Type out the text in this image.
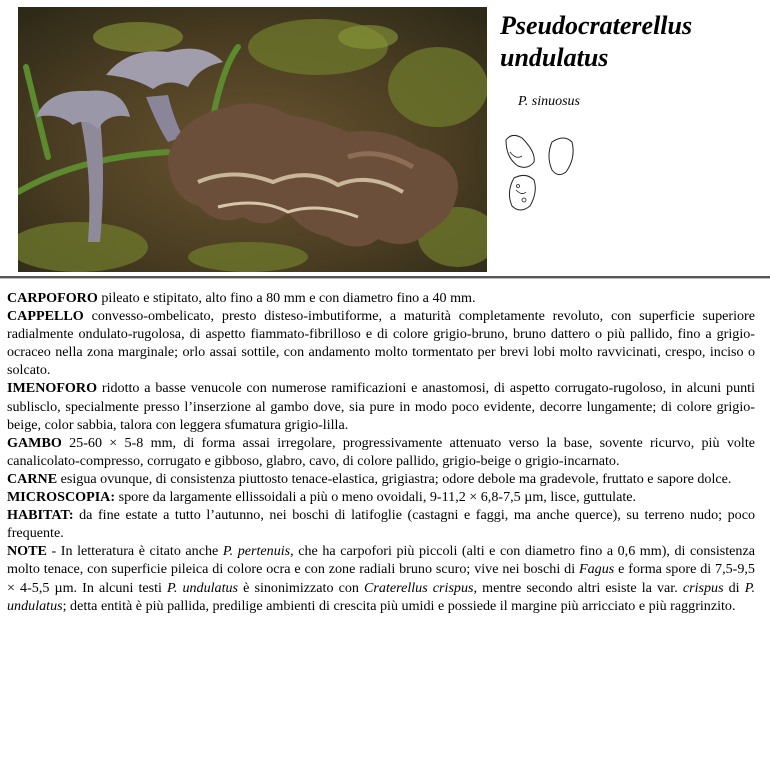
Pseudocraterellus
undulatus
P. sinuosus

CARPOFORO pileato e stipitato, alto fino a 80 mm e con diametro fino a 40 mm.

CAPPELLO convesso-ombelicato, presto disteso-imbutiforme, a maturità completamente revoluto, con superficie superiore radialmente ondulato-rugolosa, di aspetto fiammato-fibrilloso e di colore grigio-bruno, bruno dattero o più pallido, fino a grigio-ocraceo nella zona marginale; orlo assai sottile, con andamento molto tormentato per brevi lobi molto ravvicinati, crespo, inciso o solcato.

IMENOFORO ridotto a basse venucole con numerose ramificazioni e anastomosi, di aspetto corrugato-rugoloso, in alcuni punti sublisclo, specialmente presso l’inserzione al gambo dove, sia pure in modo poco evidente, decorre lungamente; di colore grigio-beige, color sabbia, talora con leggera sfumatura grigio-lilla.

GAMBO 25-60 × 5-8 mm, di forma assai irregolare, progressivamente attenuato verso la base, sovente ricurvo, più volte canalicolato-compresso, corrugato e gibboso, glabro, cavo, di colore pallido, grigio-beige o grigio-incarnato.

CARNE esigua ovunque, di consistenza piuttosto tenace-elastica, grigiastra; odore debole ma gradevole, fruttato e sapore dolce.

MICROSCOPIA: spore da largamente ellissoidali a più o meno ovoidali, 9-11,2 × 6,8-7,5 µm, lisce, guttulate.

HABITAT: da fine estate a tutto l’autunno, nei boschi di latifoglie (castagni e faggi, ma anche querce), su terreno nudo; poco frequente.

NOTE - In letteratura è citato anche P. pertenuis, che ha carpofori più piccoli (alti e con diametro fino a 0,6 mm), di consistenza molto tenace, con superficie pileica di colore ocra e con zone radiali bruno scuro; vive nei boschi di Fagus e forma spore di 7,5-9,5 × 4-5,5 µm. In alcuni testi P. undulatus è sinonimizzato con Craterellus crispus, mentre secondo altri esiste la var. crispus di P. undulatus; detta entità è più pallida, predilige ambienti di crescita più umidi e possiede il margine più arricciato e più raggrinzito.
